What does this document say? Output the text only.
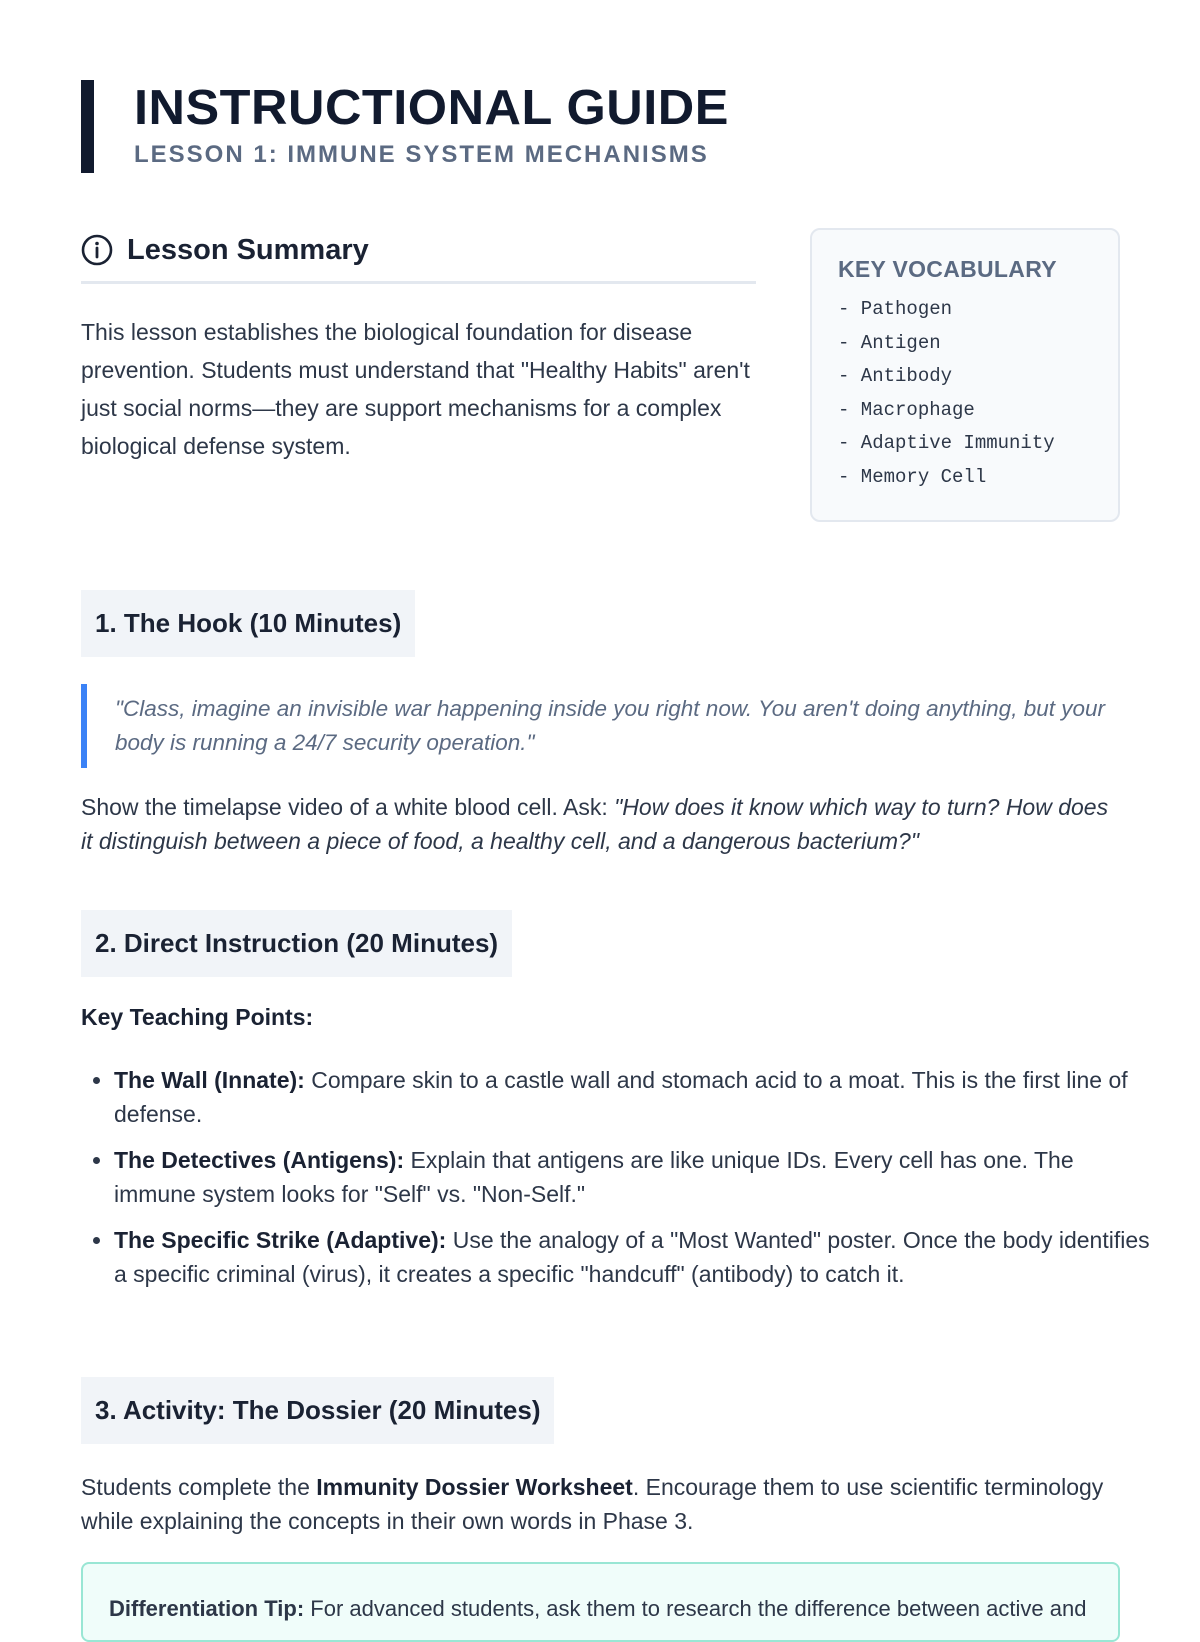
INSTRUCTIONAL GUIDE
LESSON 1: IMMUNE SYSTEM MECHANISMS
Lesson Summary

This lesson establishes the biological foundation for disease prevention. Students must understand that "Healthy Habits" aren't just social norms—they are support mechanisms for a complex biological defense system.

KEY VOCABULARY
- Pathogen
- Antigen
- Antibody
- Macrophage
- Adaptive Immunity
- Memory Cell
1. The Hook (10 Minutes)

"Class, imagine an invisible war happening inside you right now. You aren't doing anything, but your body is running a 24/7 security operation."

Show the timelapse video of a white blood cell. Ask: "How does it know which way to turn? How does it distinguish between a piece of food, a healthy cell, and a dangerous bacterium?"

2. Direct Instruction (20 Minutes)

Key Teaching Points:

• The Wall (Innate): Compare skin to a castle wall and stomach acid to a moat. This is the first line of defense.
• The Detectives (Antigens): Explain that antigens are like unique IDs. Every cell has one. The immune system looks for "Self" vs. "Non-Self."
• The Specific Strike (Adaptive): Use the analogy of a "Most Wanted" poster. Once the body identifies a specific criminal (virus), it creates a specific "handcuff" (antibody) to catch it.
3. Activity: The Dossier (20 Minutes)

Students complete the Immunity Dossier Worksheet. Encourage them to use scientific terminology while explaining the concepts in their own words in Phase 3.

Differentiation Tip: For advanced students, ask them to research the difference between active and
